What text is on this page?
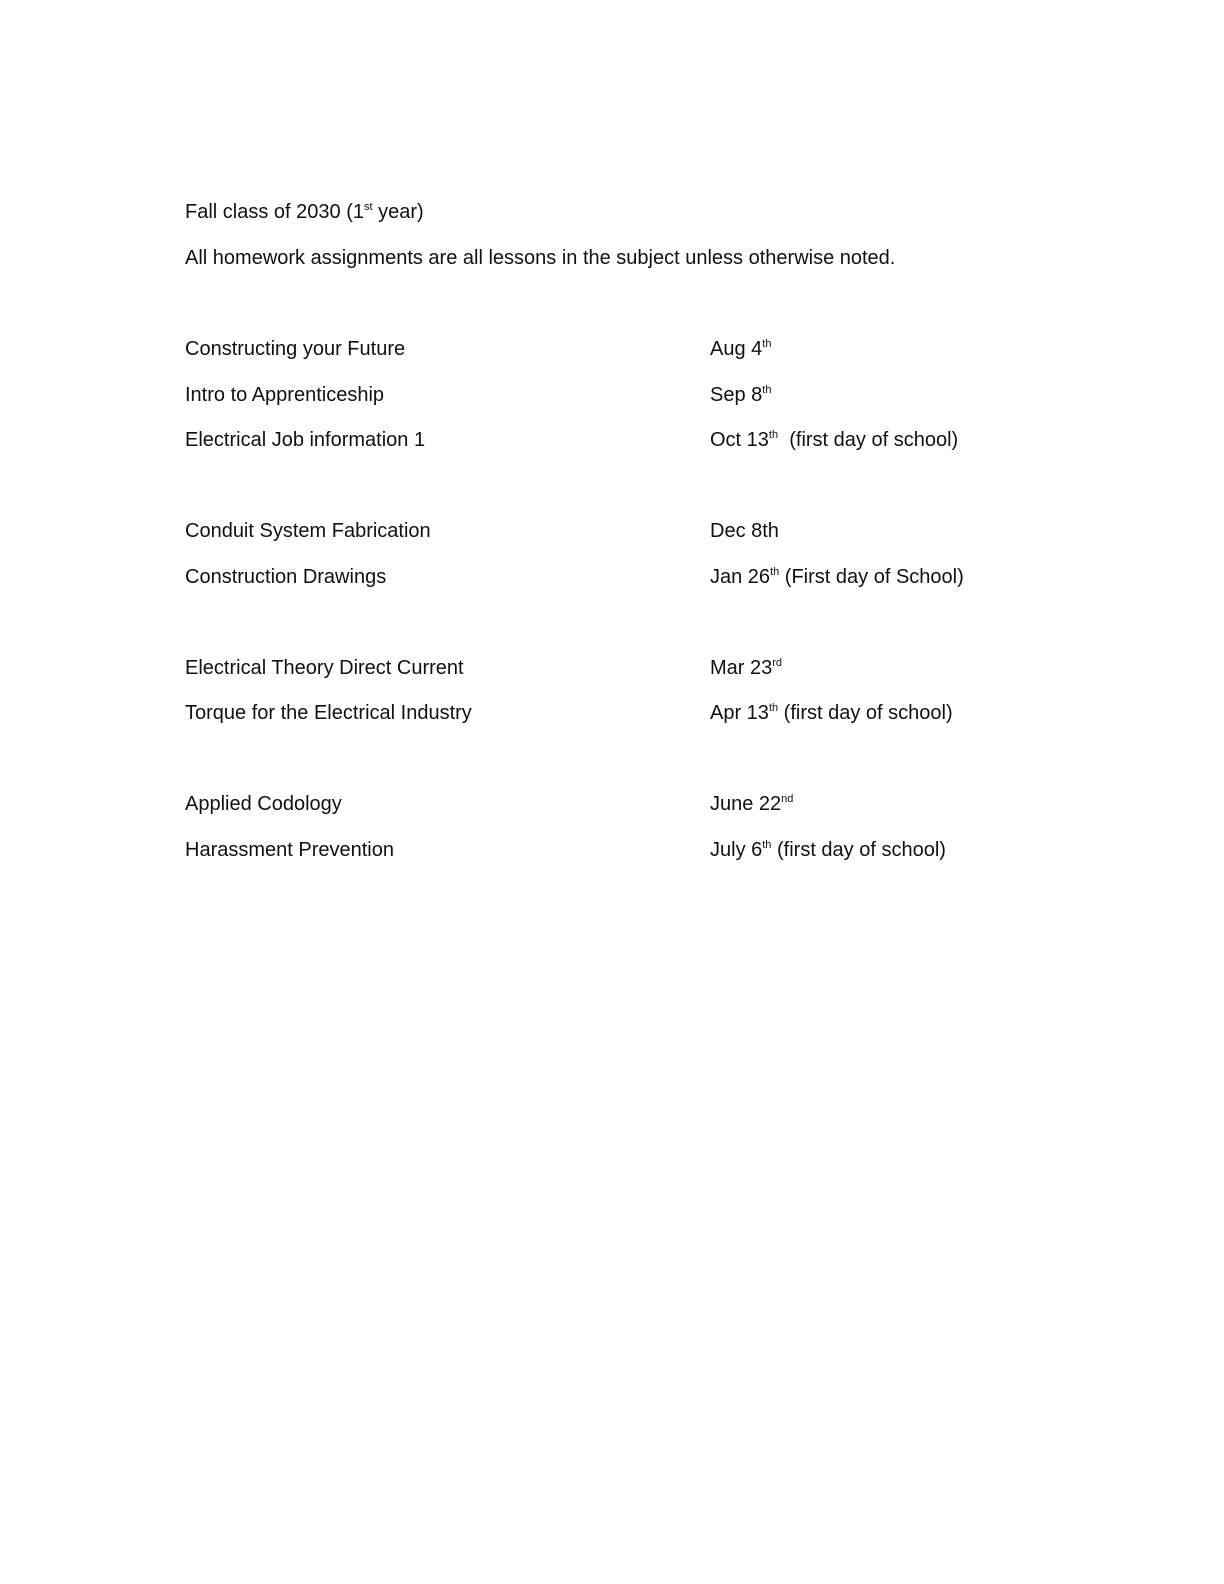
Fall class of 2030 (1st year)
All homework assignments are all lessons in the subject unless otherwise noted.
Constructing your Future	Aug 4th
Intro to Apprenticeship	Sep 8th
Electrical Job information 1	Oct 13th  (first day of school)
Conduit System Fabrication	Dec 8th
Construction Drawings	Jan 26th (First day of School)
Electrical Theory Direct Current	Mar 23rd
Torque for the Electrical Industry	Apr 13th (first day of school)
Applied Codology	June 22nd
Harassment Prevention	July 6th (first day of school)
